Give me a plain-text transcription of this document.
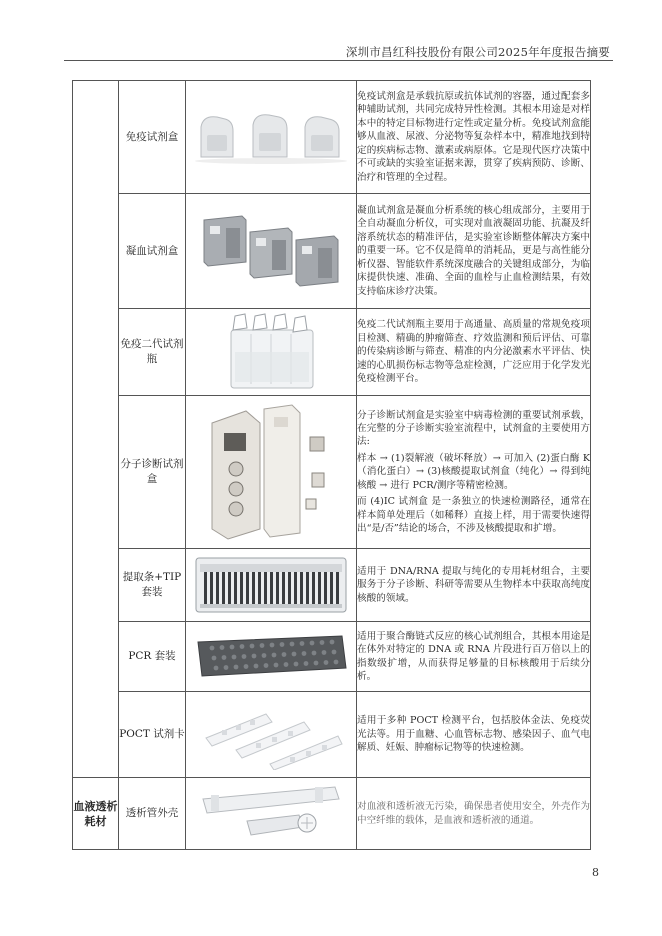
深圳市昌红科技股份有限公司2025年年度报告摘要
	免疫试剂盒		免疫试剂盒是承载抗原或抗体试剂的容器，通过配套多种辅助试剂，共同完成特异性检测。其根本用途是对样本中的特定目标物进行定性或定量分析。免疫试剂盒能够从血液、尿液、分泌物等复杂样本中，精准地找到特定的疾病标志物、激素或病原体。它是现代医疗决策中不可或缺的实验室证据来源，贯穿了疾病预防、诊断、治疗和管理的全过程。

	凝血试剂盒		凝血试剂盒是凝血分析系统的核心组成部分，主要用于全自动凝血分析仪，可实现对血液凝固功能、抗凝及纤溶系统状态的精准评估，是实验室诊断整体解决方案中的重要一环。它不仅是简单的消耗品，更是与高性能分析仪器、智能软件系统深度融合的关键组成部分，为临床提供快速、准确、全面的血栓与止血检测结果，有效支持临床诊疗决策。

	免疫二代试剂瓶		免疫二代试剂瓶主要用于高通量、高质量的常规免疫项目检测、精确的肿瘤筛查、疗效监测和预后评估、可靠的传染病诊断与筛查、精准的内分泌激素水平评估、快速的心肌损伤标志物等急症检测，广泛应用于化学发光免疫检测平台。

	分子诊断试剂盒		分子诊断试剂盒是实验室中病毒检测的重要试剂承载，在完整的分子诊断实验室流程中，试剂盒的主要使用方法:

样本 → (1)裂解液（破坏释放）→ 可加入 (2)蛋白酶 K（消化蛋白）→ (3)核酸提取试剂盒（纯化）→ 得到纯核酸 → 进行 PCR/测序等精密检测。

而 (4)IC 试剂盒 是一条独立的快速检测路径，通常在样本简单处理后（如稀释）直接上样，用于需要快速得出“是/否”结论的场合，不涉及核酸提取和扩增。

	提取条+TIP 套装		适用于 DNA/RNA 提取与纯化的专用耗材组合，主要服务于分子诊断、科研等需要从生物样本中获取高纯度核酸的领域。

	PCR 套装		适用于聚合酶链式反应的核心试剂组合，其根本用途是在体外对特定的 DNA 或 RNA 片段进行百万倍以上的指数级扩增，从而获得足够量的目标核酸用于后续分析。

	POCT 试剂卡		适用于多种 POCT 检测平台，包括胶体金法、免疫荧光法等。用于血糖、心血管标志物、感染因子、血气电解质、妊娠、肿瘤标记物等的快速检测。

血液透析耗材	透析管外壳		对血液和透析液无污染，确保患者使用安全，外壳作为中空纤维的载体，是血液和透析液的通道。

8
